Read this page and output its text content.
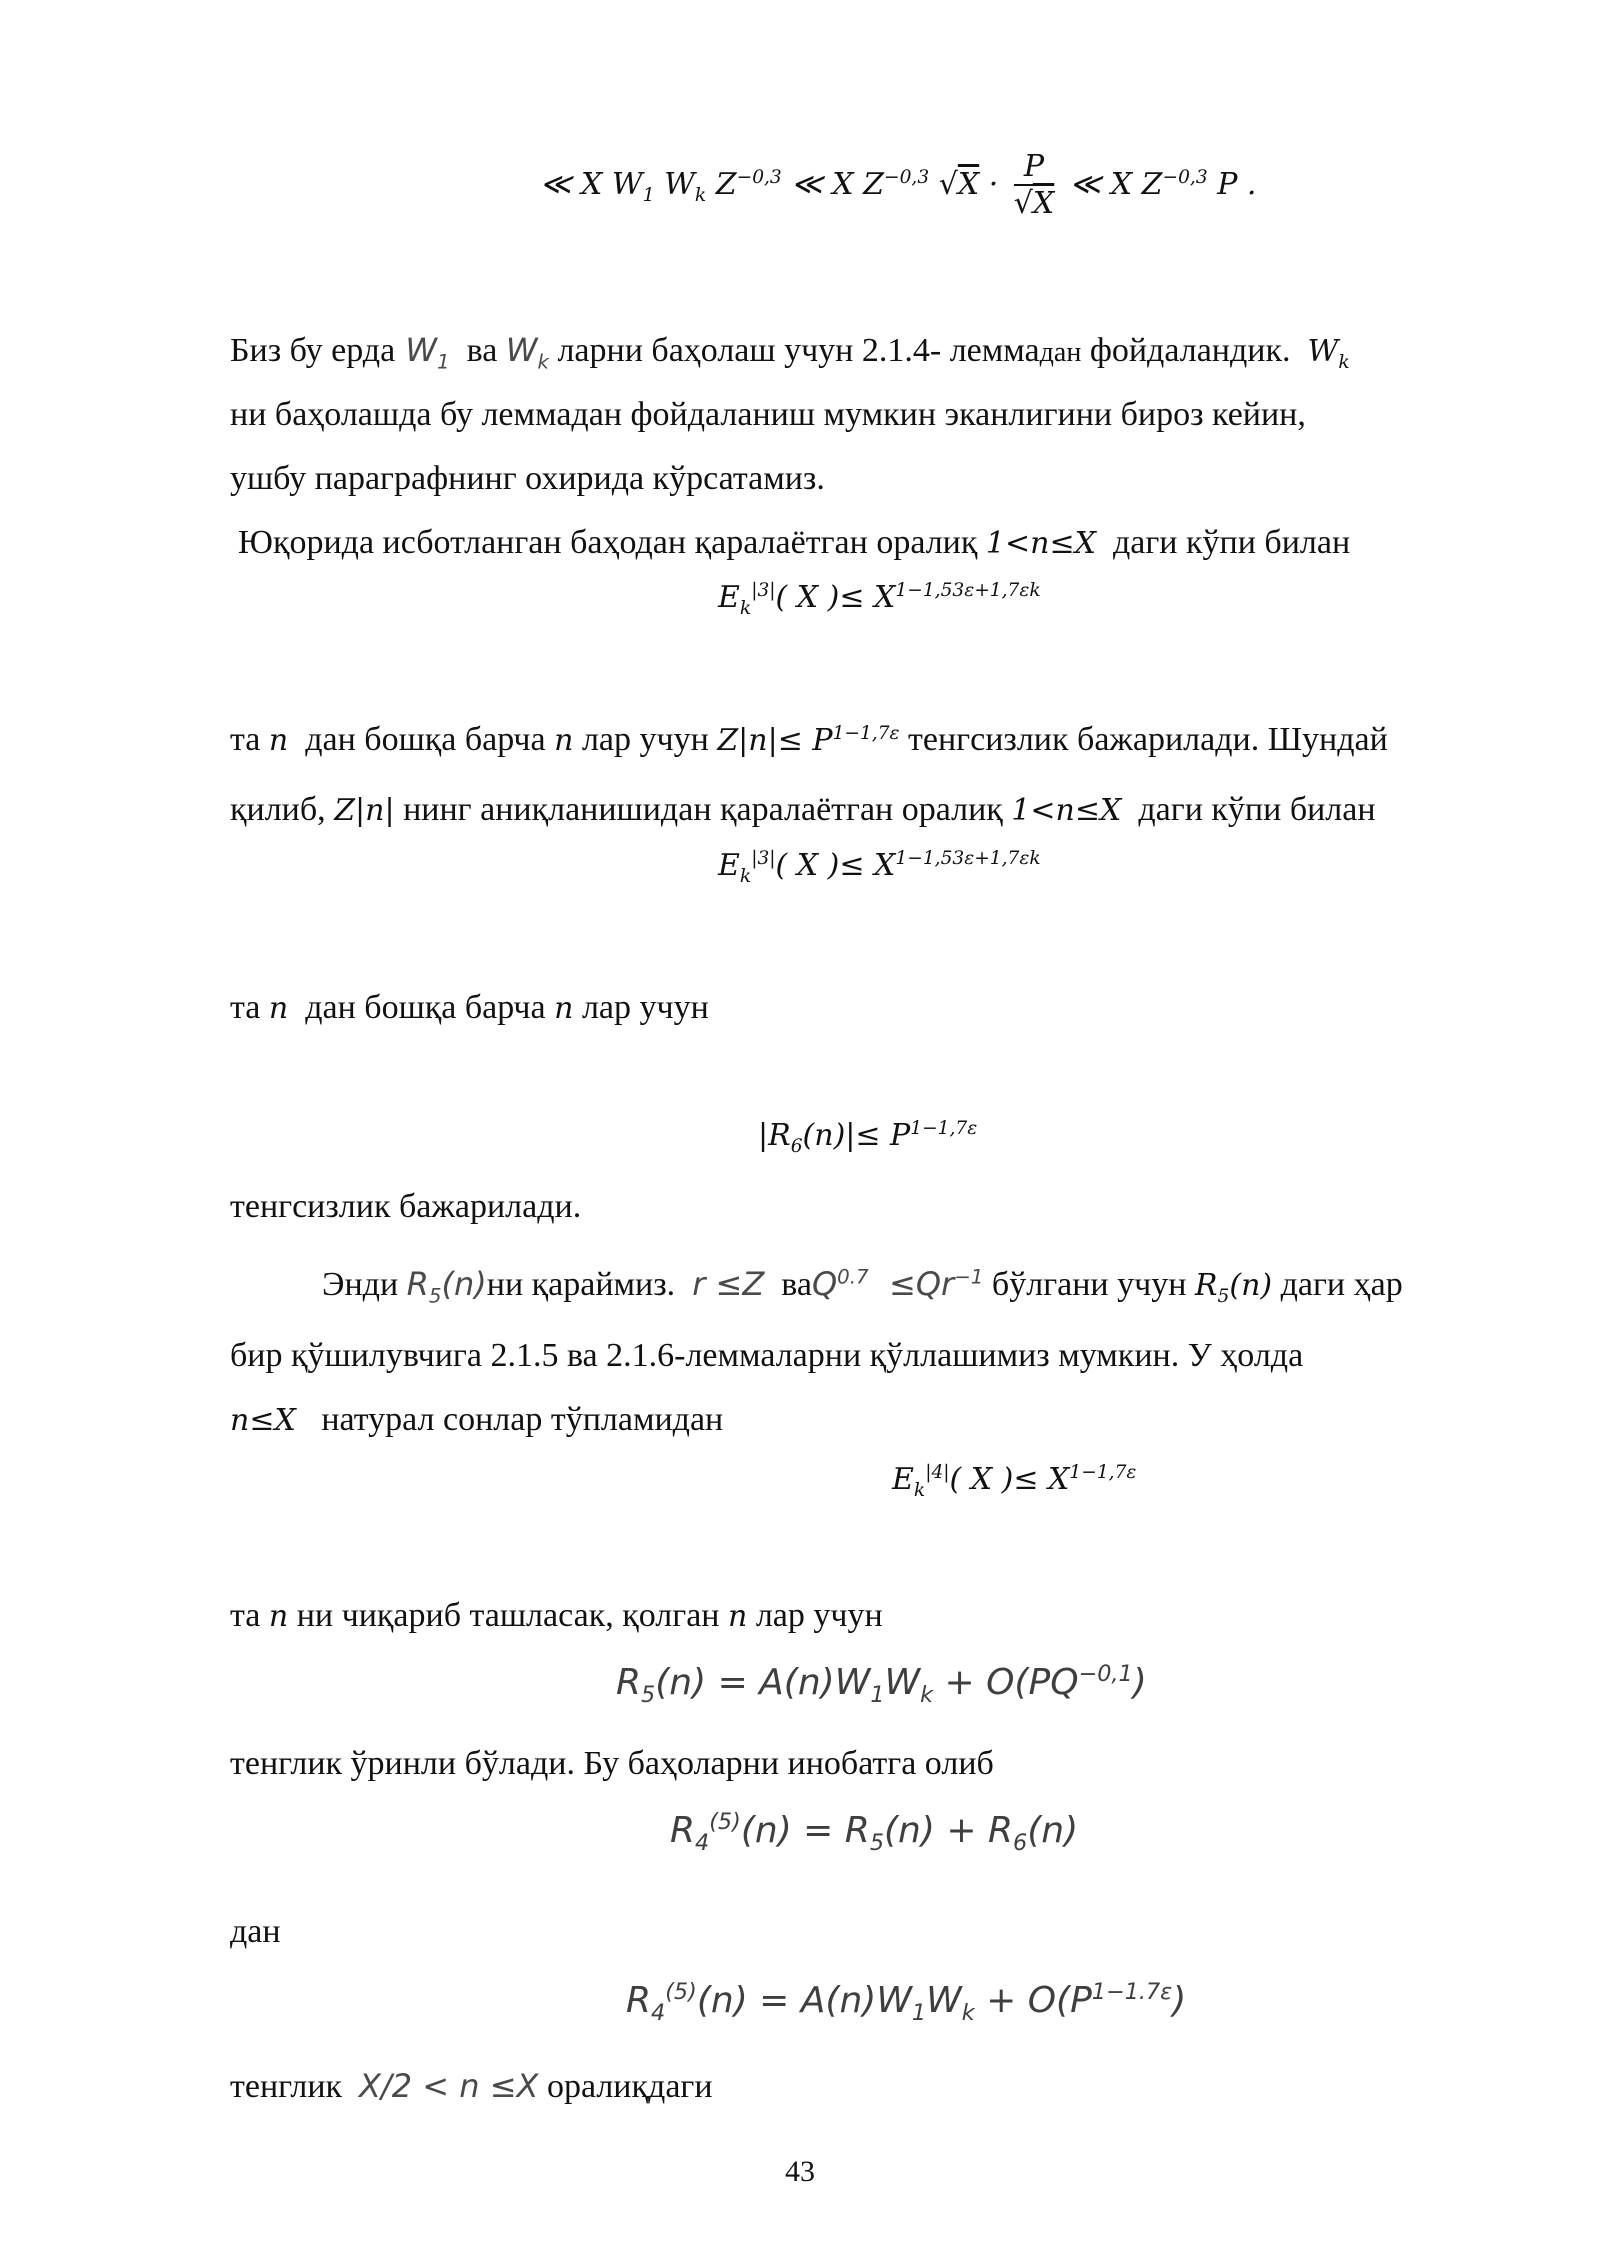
≪ X $W_1$ $W_k$ $Z^{-0,3}$ ≪ X $Z^{-0,3}$ $√X \cdot \frac{P}{√X}$ ≪ X $Z^{-0,3}$ P .
Биз бу ерда $W_1$ ва $W_k$ ларни баҳолаш учун 2.1.4- леммадан фойдаландик. $W_k$
ни баҳолашда бу леммадан фойдаланиш мумкин эканлигини бироз кейин,
ушбу параграфнинг охирида кўрсатамиз.
Юқорида исботланган баҳодан қаралаётган оралиқ 1<n≤X даги кўпи билан
$E_k^{|3|}$( X )≤ $X^{1-1,53\varepsilon+1,7\varepsilon k}$
та n дан бошқа барча n лар учун $Z|n|\le P^{1-1,7\varepsilon}$ тенгсизлик бажарилади. Шундай
қилиб, Z|n| нинг аниқланишидан қаралаётган оралиқ 1<n≤X даги кўпи билан
$E_k^{|3|}$( X )≤ $X^{1-1,53\varepsilon+1,7\varepsilon k}$
та n дан бошқа барча n лар учун
$|R_6(n)|\le P^{1-1,7\varepsilon}$
тенгсизлик бажарилади.
Энди $R_5(n)ни$ қараймиз. r ≤Z $ваQ^{0.7} \le Qr^{-1}$ бўлгани учун $R_5(n)$ даги ҳар
бир қўшилувчига 2.1.5 ва 2.1.6-леммаларни қўллашимиз мумкин. У ҳолда
n≤X натурал сонлар тўпламидан
$E_k^{|4|}$( X )≤ $X^{1-1,7\varepsilon}$
та n ни чиқариб ташласак, қолган n лар учун
$R_5(n) = A(n)W_1W_k + O(PQ^{-0,1})$
тенглик ўринли бўлади. Бу баҳоларни инобатга олиб
$R_4^{(5)}(n) = R_5(n) + R_6(n)$
дан
$R_4^{(5)}(n) = A(n)W_1W_k + O(P^{1-1.7\varepsilon})$
тенглик X/2 < n ≤X оралиқдаги
43
